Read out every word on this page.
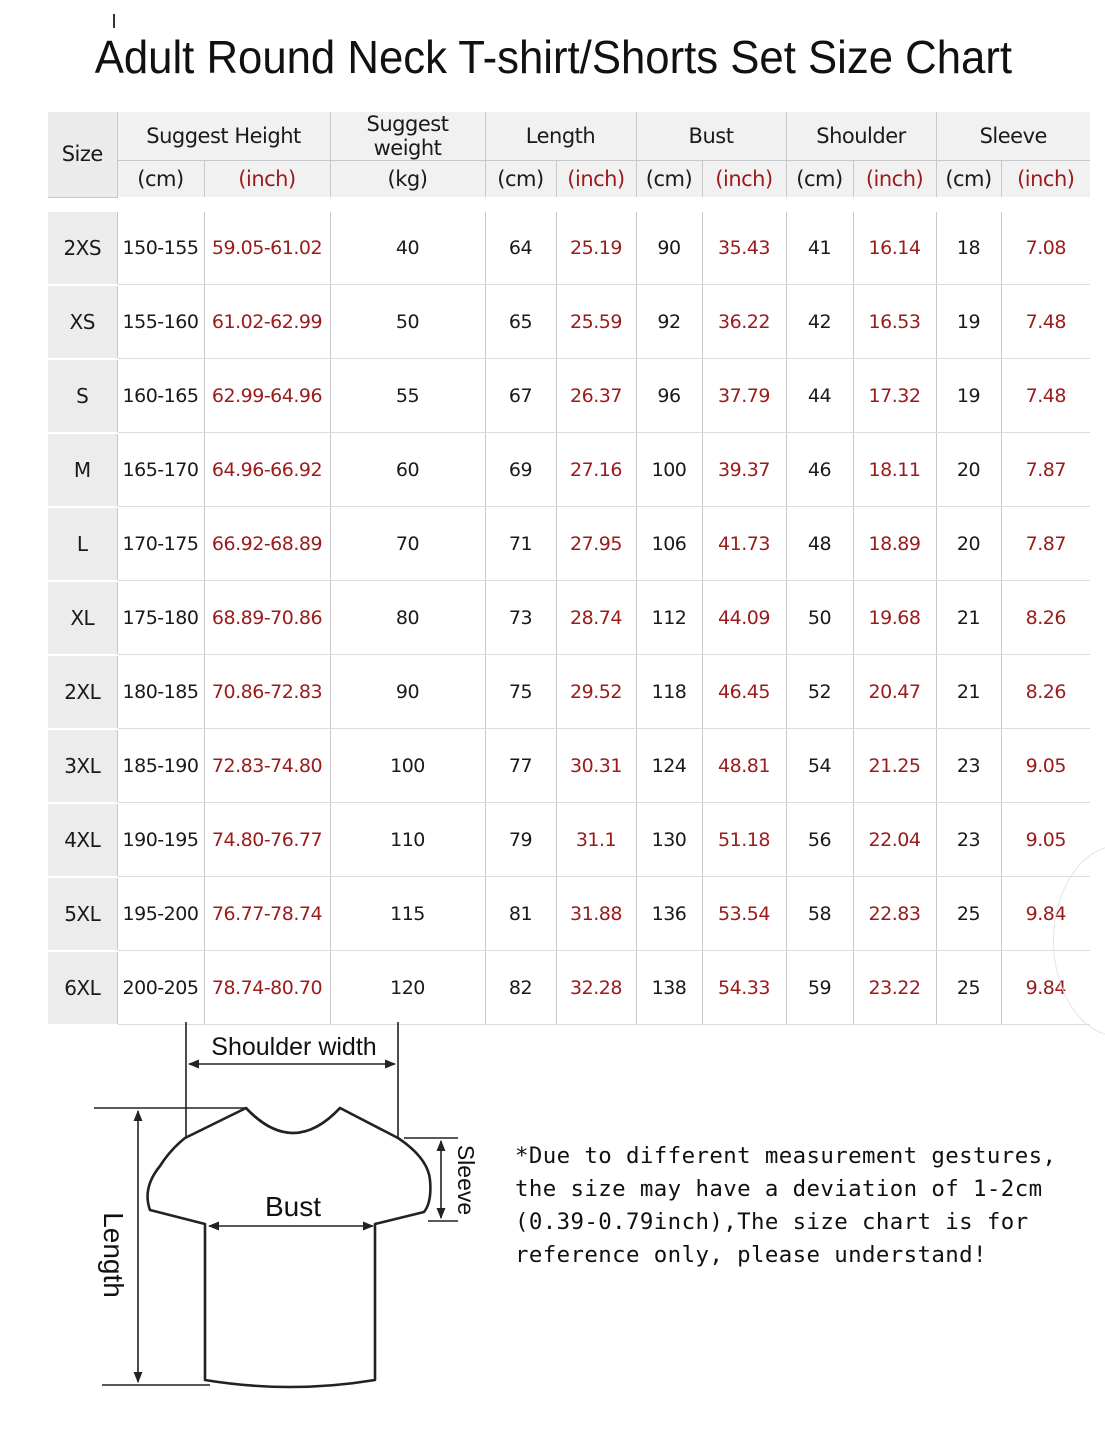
Adult Round Neck T-shirt/Shorts Set Size Chart
Size	Suggest Height		Suggest weight	Length		Bust		Shoulder		Sleeve	
	(cm)	(inch)	(kg)	(cm)	(inch)	(cm)	(inch)	(cm)	(inch)	(cm)	(inch)

2XS	150-155	59.05-61.02	40	64	25.19	90	35.43	41	16.14	18	7.08
XS	155-160	61.02-62.99	50	65	25.59	92	36.22	42	16.53	19	7.48
S	160-165	62.99-64.96	55	67	26.37	96	37.79	44	17.32	19	7.48
M	165-170	64.96-66.92	60	69	27.16	100	39.37	46	18.11	20	7.87
L	170-175	66.92-68.89	70	71	27.95	106	41.73	48	18.89	20	7.87
XL	175-180	68.89-70.86	80	73	28.74	112	44.09	50	19.68	21	8.26
2XL	180-185	70.86-72.83	90	75	29.52	118	46.45	52	20.47	21	8.26
3XL	185-190	72.83-74.80	100	77	30.31	124	48.81	54	21.25	23	9.05
4XL	190-195	74.80-76.77	110	79	31.1	130	51.18	56	22.04	23	9.05
5XL	195-200	76.77-78.74	115	81	31.88	136	53.54	58	22.83	25	9.84
6XL	200-205	78.74-80.70	120	82	32.28	138	54.33	59	23.22	25	9.84
Shoulder width
Bust
Length
Sleeve *Due to different measurement gestures,
the size may have a deviation of 1-2cm
(0.39-0.79inch),The size chart is for
reference only, please understand!
